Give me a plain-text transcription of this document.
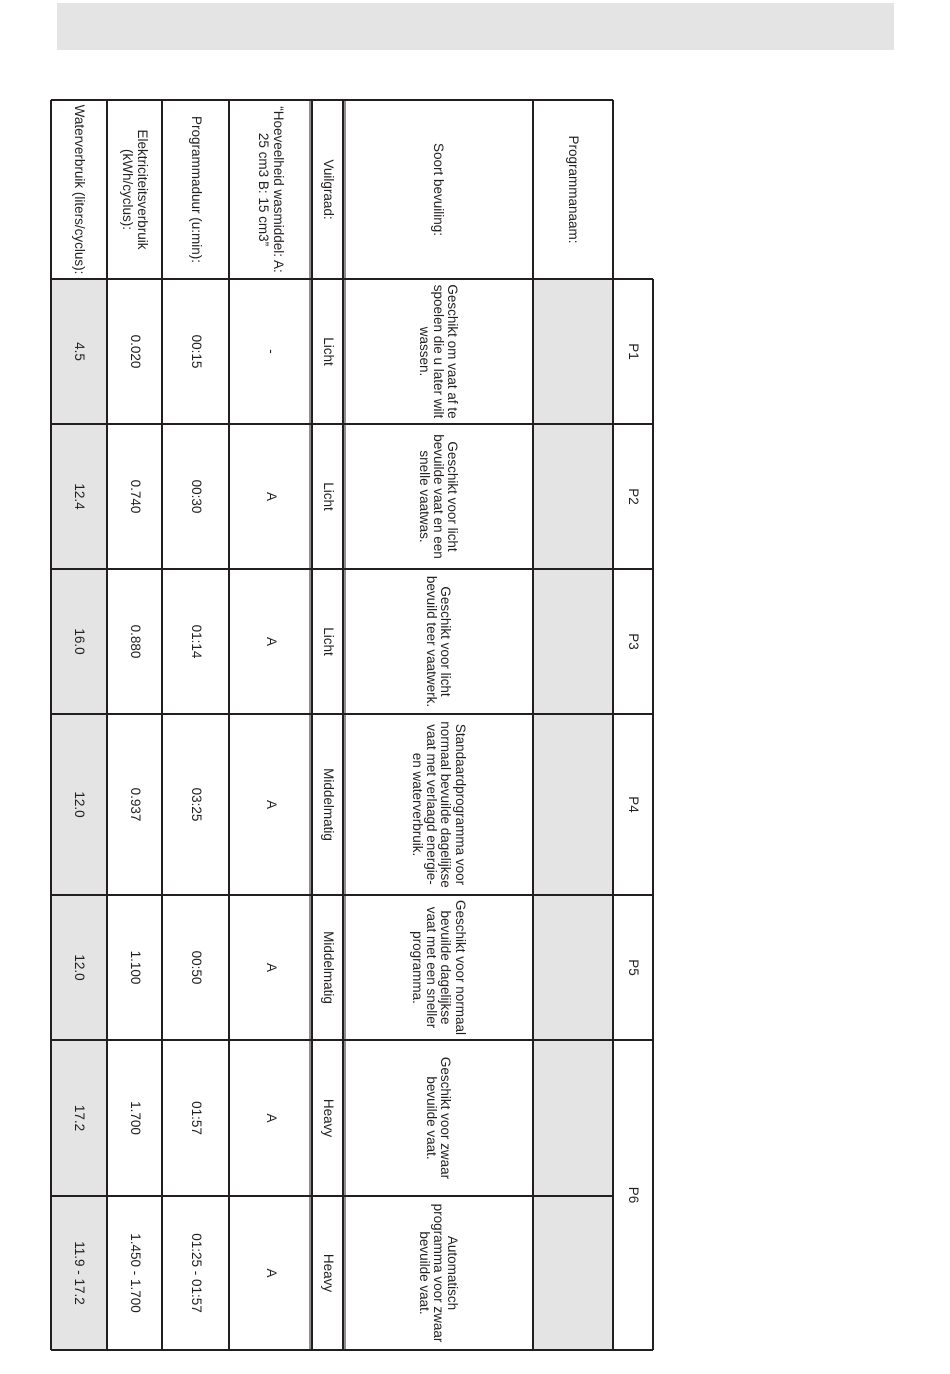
Programmanaam:
Soort bevuiling:
Vuilgraad:
“Hoeveelheid wasmiddel: A: 25 cm3 B: 15 cm3”
Programmaduur (u:min):
Elektriciteitsverbruik (kWh/cyclus):
Waterverbruik (liters/cyclus):
Geschikt om vaat af te spoelen die u later wilt wassen.
Licht
-
00:15
0.020
4.5
Geschikt voor licht bevuilde vaat en een snelle vaatwas.
Licht
A
00:30
0.740
12.4
Geschikt voor licht bevuild teer vaatwerk.
Licht
A
01:14
0.880
16.0
Standaardprogramma voor normaal bevuilde dagelijkse vaat met verlaagd energie- en waterverbruik.
Middelmatig
A
03:25
0.937
12.0
Geschikt voor normaal bevuilde dagelijkse vaat met een sneller programma.
Middelmatig
A
00:50
1.100
12.0
Geschikt voor zwaar bevuilde vaat.
Heavy
A
01:57
1.700
17.2
Automatisch programma voor zwaar bevuilde vaat.
Heavy
A
01:25 - 01:57
1.450 - 1.700
11.9 - 17.2
P1
P2
P3
P4
P5
P6
